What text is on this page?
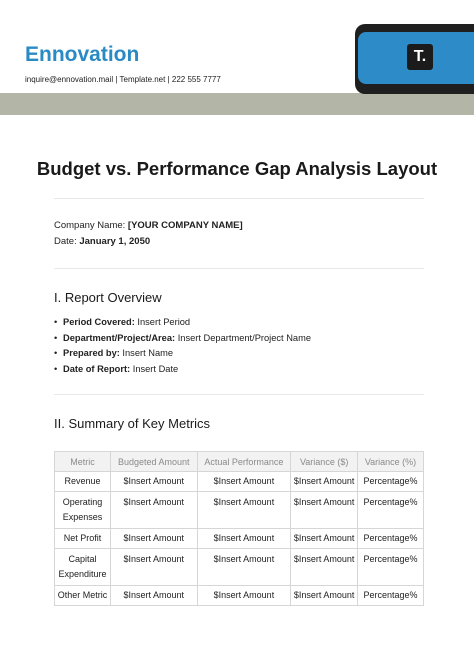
Ennovation
inquire@ennovation.mail | Template.net | 222 555 7777
T.
Budget vs. Performance Gap Analysis Layout
Company Name: [YOUR COMPANY NAME]
Date: January 1, 2050
I. Report Overview
• Period Covered: Insert Period
• Department/Project/Area: Insert Department/Project Name
• Prepared by: Insert Name
• Date of Report: Insert Date
II. Summary of Key Metrics
Metric	Budgeted Amount	Actual Performance	Variance ($)	Variance (%)
Revenue	$Insert Amount	$Insert Amount	$Insert Amount	Percentage%
Operating Expenses	$Insert Amount	$Insert Amount	$Insert Amount	Percentage%
Net Profit	$Insert Amount	$Insert Amount	$Insert Amount	Percentage%
Capital Expenditure	$Insert Amount	$Insert Amount	$Insert Amount	Percentage%
Other Metric	$Insert Amount	$Insert Amount	$Insert Amount	Percentage%
